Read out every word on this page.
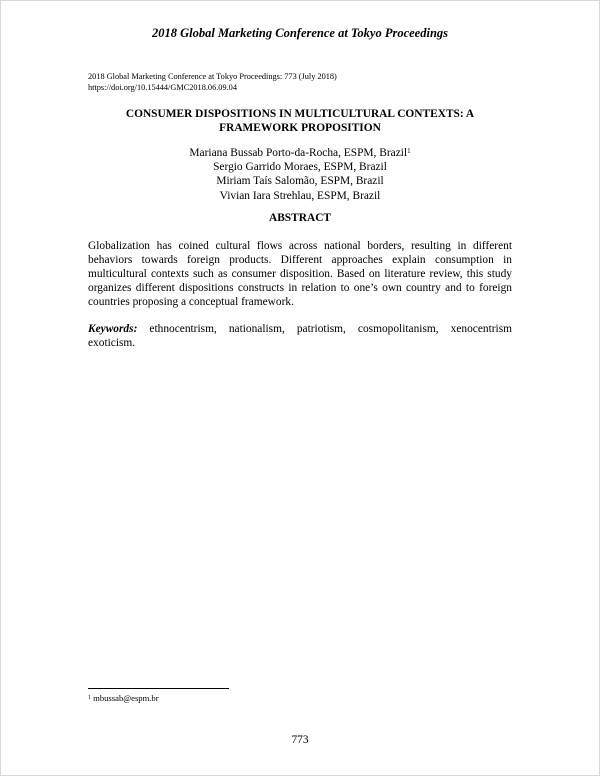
2018 Global Marketing Conference at Tokyo Proceedings
2018 Global Marketing Conference at Tokyo Proceedings: 773 (July 2018)
https://doi.org/10.15444/GMC2018.06.09.04
CONSUMER DISPOSITIONS IN MULTICULTURAL CONTEXTS: A
FRAMEWORK PROPOSITION
Mariana Bussab Porto-da-Rocha, ESPM, Brazil$^1$
Sergio Garrido Moraes, ESPM, Brazil
Miriam Taís Salomão, ESPM, Brazil
Vivian Iara Strehlau, ESPM, Brazil
ABSTRACT

Globalization has coined cultural flows across national borders, resulting in different behaviors towards foreign products. Different approaches explain consumption in multicultural contexts such as consumer disposition. Based on literature review, this study organizes different dispositions constructs in relation to one’s own country and to foreign countries proposing a conceptual framework.

Keywords: ethnocentrism, nationalism, patriotism, cosmopolitanism, xenocentrism exoticism.

$^1$ mbussab@espm.br
773
